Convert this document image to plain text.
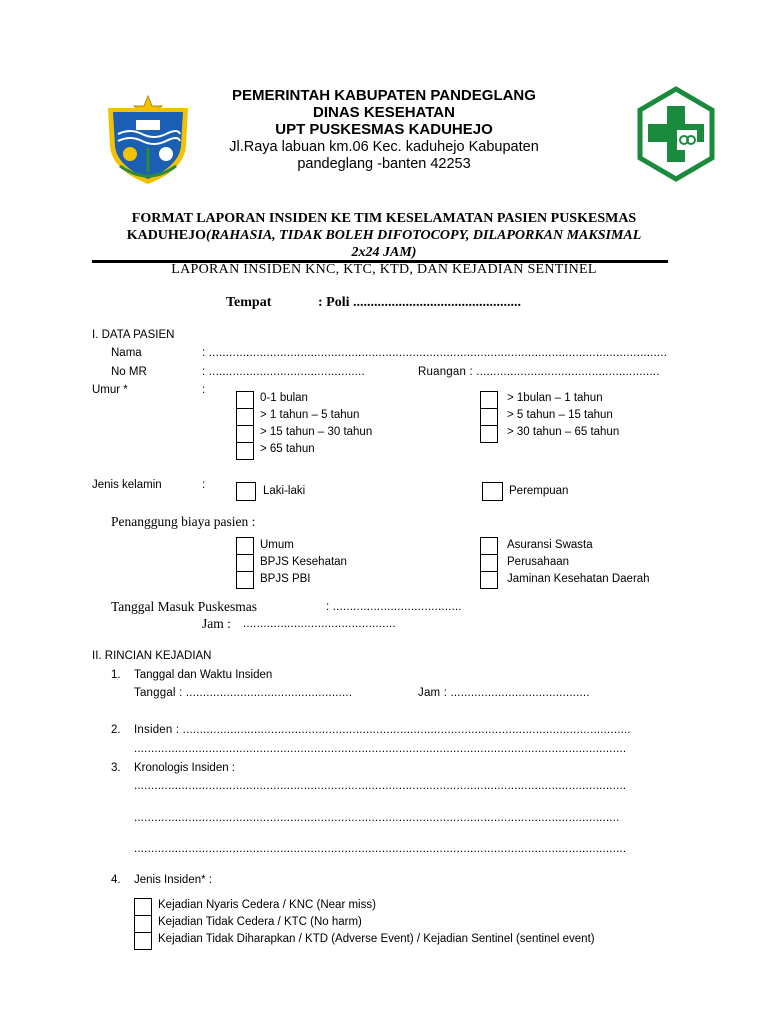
PEMERINTAH KABUPATEN PANDEGLANG
DINAS KESEHATAN
UPT PUSKESMAS KADUHEJO
Jl.Raya labuan km.06 Kec. kaduhejo Kabupaten
pandeglang -banten 42253
FORMAT LAPORAN INSIDEN KE TIM KESELAMATAN PASIEN PUSKESMAS
KADUHEJO(RAHASIA, TIDAK BOLEH DIFOTOCOPY, DILAPORKAN MAKSIMAL
2x24 JAM)
LAPORAN INSIDEN KNC, KTC, KTD, DAN KEJADIAN SENTINEL
Tempat	: Poli ................................................
I. DATA PASIEN
Nama	: .......................................................................................................................................
No MR	: ..............................................	Ruangan : ......................................................
Umur *	:
0-1 bulan
> 1 tahun – 5 tahun
> 15 tahun – 30 tahun
> 65 tahun
> 1bulan – 1 tahun
> 5 tahun – 15 tahun
> 30 tahun – 65 tahun
Jenis kelamin	:	Laki-laki	Perempuan
Penanggung biaya pasien :
Umum
BPJS Kesehatan
BPJS PBI
Asuransi Swasta
Perusahaan
Jaminan Kesehatan Daerah
Tanggal Masuk Puskesmas	: ......................................
Jam : .............................................
II. RINCIAN KEJADIAN
1. Tanggal dan Waktu Insiden
Tanggal : .................................................	Jam : .........................................
2. Insiden : ....................................................................................................................................
.................................................................................................................................................
3. Kronologis Insiden :
.................................................................................................................................................
...............................................................................................................................................
.................................................................................................................................................
4. Jenis Insiden* :
Kejadian Nyaris Cedera / KNC (Near miss)
Kejadian Tidak Cedera / KTC (No harm)
Kejadian Tidak Diharapkan / KTD (Adverse Event) / Kejadian Sentinel (sentinel event)
